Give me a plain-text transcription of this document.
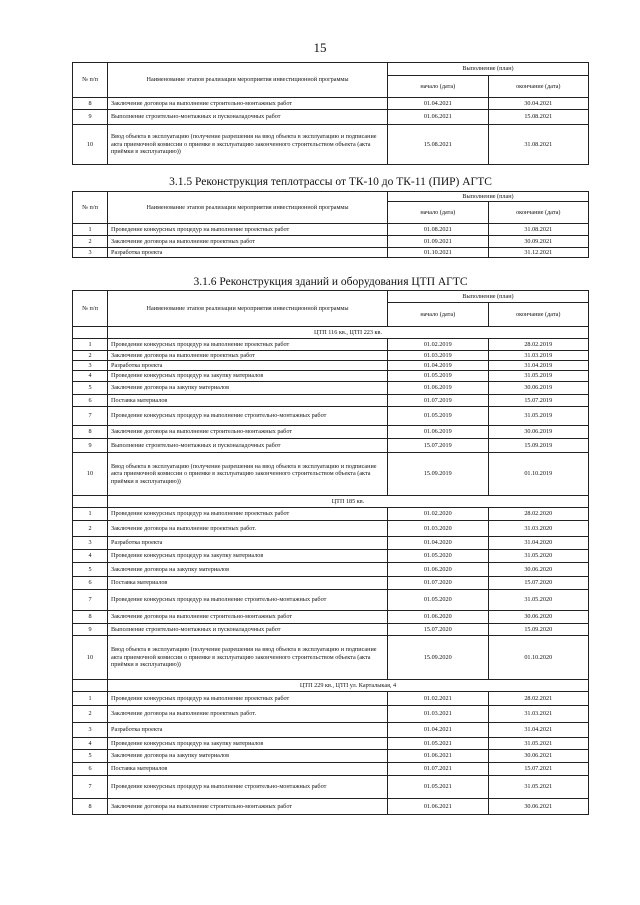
15
№ п/п	Наименование этапов реализации мероприятия инвестиционной программы	Выполнение (план)	
		начало (дата)	окончание (дата)
8	Заключение договора на выполнение строительно-монтажных работ	01.04.2021	30.04.2021
9	Выполнение строительно-монтажных и пусконаладочных работ	01.06.2021	15.08.2021
10	Ввод объекта в эксплуатацию (получение разрешения на ввод объекта в эксплуатацию и подписание акта приемочной комиссии о приемке в эксплуатацию законченного строительством объекта (акта приёмки в эксплуатацию))	15.08.2021	31.08.2021
3.1.5 Реконструкция теплотрассы от ТК-10 до ТК-11 (ПИР) АГТС
№ п/п	Наименование этапов реализации мероприятия инвестиционной программы	Выполнение (план)	
		начало (дата)	окончание (дата)
1	Проведение конкурсных процедур на выполнение проектных работ	01.08.2021	31.08.2021
2	Заключение договора на выполнение проектных работ	01.09.2021	30.09.2021
3	Разработка проекта	01.10.2021	31.12.2021
3.1.6 Реконструкция зданий и оборудования ЦТП АГТС
№ п/п	Наименование этапов реализации мероприятия инвестиционной программы	Выполнение (план)	
		начало (дата)	окончание (дата)
	ЦТП 116 кв., ЦТП 223 кв.		
1	Проведение конкурсных процедур на выполнение проектных работ	01.02.2019	28.02.2019
2	Заключение договора на выполнение проектных работ	01.03.2019	31.03.2019
3	Разработка проекта	01.04.2019	31.04.2019
4	Проведение конкурсных процедур на закупку материалов	01.05.2019	31.05.2019
5	Заключение договора на закупку материалов	01.06.2019	30.06.2019
6	Поставка материалов	01.07.2019	15.07.2019
7	Проведение конкурсных процедур на выполнение строительно-монтажных работ	01.05.2019	31.05.2019
8	Заключение договора на выполнение строительно-монтажных работ	01.06.2019	30.06.2019
9	Выполнение строительно-монтажных и пусконаладочных работ	15.07.2019	15.09.2019
10	Ввод объекта в эксплуатацию (получение разрешения на ввод объекта в эксплуатацию и подписание акта приемочной комиссии о приемке в эксплуатацию законченного строительством объекта (акта приёмки в эксплуатацию))	15.09.2019	01.10.2019
	ЦТП 185 кв.		
1	Проведение конкурсных процедур на выполнение проектных работ	01.02.2020	28.02.2020
2	Заключение договора на выполнение проектных работ.	01.03.2020	31.03.2020
3	Разработка проекта	01.04.2020	31.04.2020
4	Проведение конкурсных процедур на закупку материалов	01.05.2020	31.05.2020
5	Заключение договора на закупку материалов	01.06.2020	30.06.2020
6	Поставка материалов	01.07.2020	15.07.2020
7	Проведение конкурсных процедур на выполнение строительно-монтажных работ	01.05.2020	31.05.2020
8	Заключение договора на выполнение строительно-монтажных работ	01.06.2020	30.06.2020
9	Выполнение строительно-монтажных и пусконаладочных работ	15.07.2020	15.09.2020
10	Ввод объекта в эксплуатацию (получение разрешения на ввод объекта в эксплуатацию и подписание акта приемочной комиссии о приемке в эксплуатацию законченного строительством объекта (акта приёмки в эксплуатацию))	15.09.2020	01.10.2020
	ЦТП 229 кв., ЦТП ул. Карталыкая, 4		
1	Проведение конкурсных процедур на выполнение проектных работ	01.02.2021	28.02.2021
2	Заключение договора на выполнение проектных работ.	01.03.2021	31.03.2021
3	Разработка проекта	01.04.2021	31.04.2021
4	Проведение конкурсных процедур на закупку материалов	01.05.2021	31.05.2021
5	Заключение договора на закупку материалов	01.06.2021	30.06.2021
6	Поставка материалов	01.07.2021	15.07.2021
7	Проведение конкурсных процедур на выполнение строительно-монтажных работ	01.05.2021	31.05.2021
8	Заключение договора на выполнение строительно-монтажных работ	01.06.2021	30.06.2021
